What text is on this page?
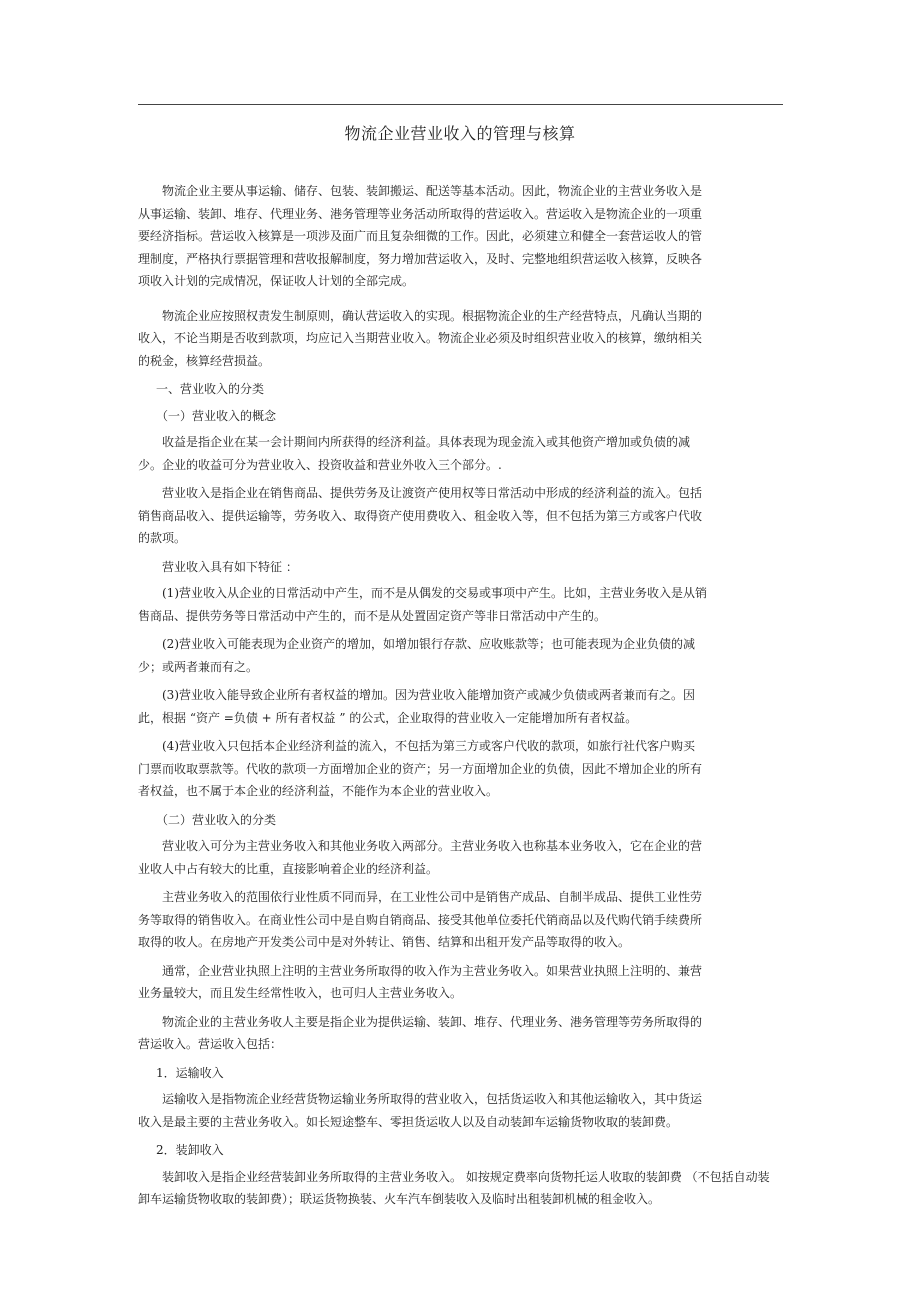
物流企业营业收入的管理与核算

物流企业主要从事运输、储存、包装、装卸搬运、配送等基本活动。因此，物流企业的主营业务收入是从事运输、装卸、堆存、代理业务、港务管理等业务活动所取得的营运收入。营运收入是物流企业的一项重要经济指标。营运收入核算是一项涉及面广而且复杂细微的工作。因此，必须建立和健全一套营运收人的管理制度，严格执行票据管理和营收报解制度，努力增加营运收入，及时、完整地组织营运收入核算，反映各项收入计划的完成情况，保证收人计划的全部完成。

物流企业应按照权责发生制原则，确认营运收入的实现。根据物流企业的生产经营特点，凡确认当期的收入，不论当期是否收到款项，均应记入当期营业收入。物流企业必须及时组织营业收入的核算，缴纳相关的税金，核算经营损益。

一、营业收入的分类

（一）营业收入的概念

收益是指企业在某一会计期间内所获得的经济利益。具体表现为现金流入或其他资产增加或负债的减少。企业的收益可分为营业收入、投资收益和营业外收入三个部分。.

营业收入是指企业在销售商品、提供劳务及让渡资产使用权等日常活动中形成的经济利益的流入。包括销售商品收入、提供运输等，劳务收入、取得资产使用费收入、租金收入等，但不包括为第三方或客户代收的款项。

营业收入具有如下特征 ：

(1)营业收入从企业的日常活动中产生，而不是从偶发的交易或事项中产生。比如，主营业务收入是从销售商品、提供劳务等日常活动中产生的，而不是从处置固定资产等非日常活动中产生的。

(2)营业收入可能表现为企业资产的增加，如增加银行存款、应收账款等；也可能表现为企业负债的减少；或两者兼而有之。

(3)营业收入能导致企业所有者权益的增加。因为营业收入能增加资产或减少负债或两者兼而有之。因此，根据 “资产 =负债 + 所有者权益 ” 的公式，企业取得的营业收入一定能增加所有者权益。

(4)营业收入只包括本企业经济利益的流入，不包括为第三方或客户代收的款项，如旅行社代客户购买

门票而收取票款等。代收的款项一方面增加企业的资产；另一方面增加企业的负债，因此不增加企业的所有者权益，也不属于本企业的经济利益，不能作为本企业的营业收入。

（二）营业收入的分类

营业收入可分为主营业务收入和其他业务收入两部分。主营业务收入也称基本业务收入，它在企业的营业收人中占有较大的比重，直接影响着企业的经济利益。

主营业务收入的范围依行业性质不同而异，在工业性公司中是销售产成品、自制半成品、提供工业性劳务等取得的销售收入。在商业性公司中是自购自销商品、接受其他单位委托代销商品以及代购代销手续费所取得的收人。在房地产开发类公司中是对外转让、销售、结算和出租开发产品等取得的收入。

通常，企业营业执照上注明的主营业务所取得的收入作为主营业务收入。如果营业执照上注明的、兼营业务量较大，而且发生经常性收入，也可归人主营业务收入。

物流企业的主营业务收人主要是指企业为提供运输、装卸、堆存、代理业务、港务管理等劳务所取得的营运收入。营运收入包括：

1．运输收入

运输收入是指物流企业经营货物运输业务所取得的营业收入，包括货运收入和其他运输收入，其中货运收入是最主要的主营业务收入。如长短途整车、零担货运收人以及自动装卸车运输货物收取的装卸费。

2．装卸收入

装卸收入是指企业经营装卸业务所取得的主营业务收入。 如按规定费率向货物托运人收取的装卸费 （不包括自动装卸车运输货物收取的装卸费）；联运货物换装、火车汽车倒装收入及临时出租装卸机械的租金收入。
